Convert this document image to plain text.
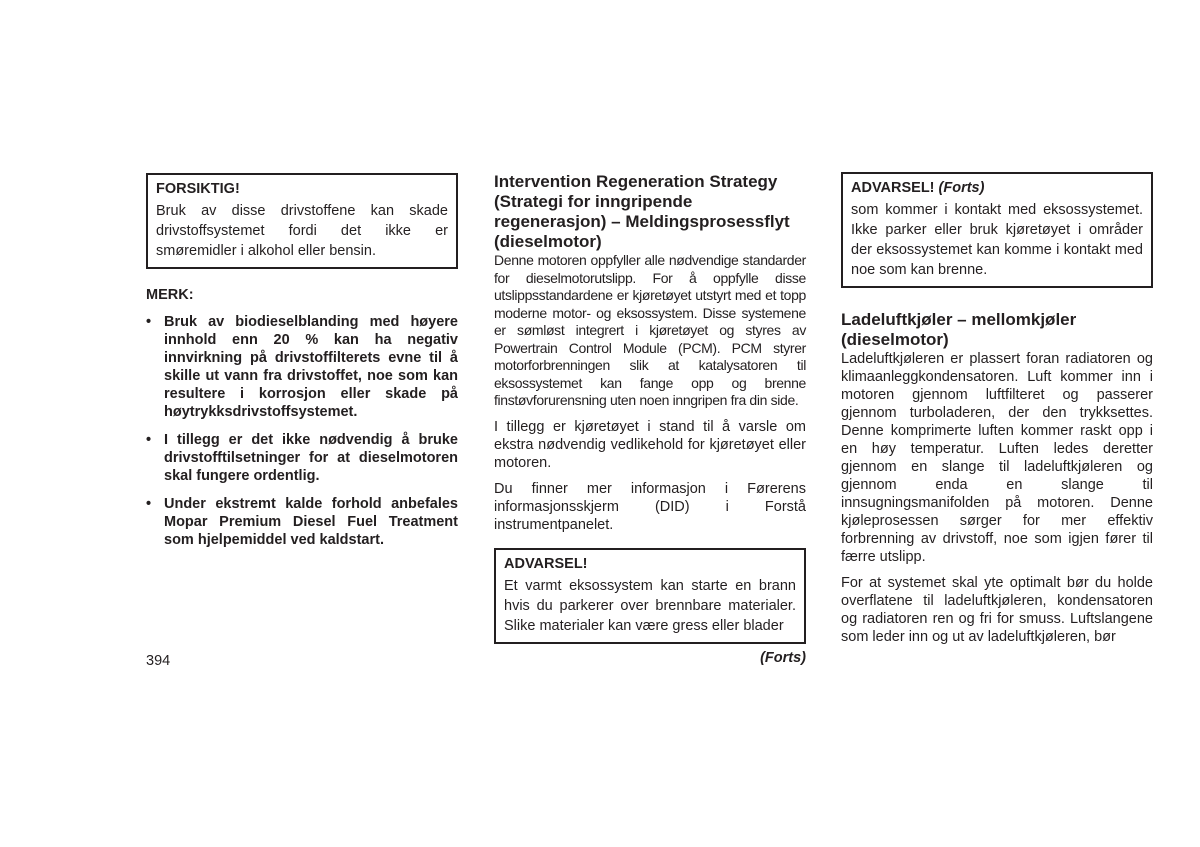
FORSIKTIG!

Bruk av disse drivstoffene kan skade drivstoffsystemet fordi det ikke er smøremidler i alkohol eller bensin.

MERK:

• Bruk av biodieselblanding med høyere innhold enn 20 % kan ha negativ innvirkning på drivstoffilterets evne til å skille ut vann fra drivstoffet, noe som kan resultere i korrosjon eller skade på høytrykksdrivstoffsystemet.
• I tillegg er det ikke nødvendig å bruke drivstofftilsetninger for at dieselmotoren skal fungere ordentlig.
• Under ekstremt kalde forhold anbefales Mopar Premium Diesel Fuel Treatment som hjelpemiddel ved kaldstart.
Intervention Regeneration Strategy (Strategi for inngripende regenerasjon) – Meldingsprosessflyt (dieselmotor)

Denne motoren oppfyller alle nødvendige standarder for dieselmotorutslipp. For å oppfylle disse utslippsstandardene er kjøretøyet utstyrt med et topp moderne motor- og eksossystem. Disse systemene er sømløst integrert i kjøretøyet og styres av Powertrain Control Module (PCM). PCM styrer motorforbrenningen slik at katalysatoren til eksossystemet kan fange opp og brenne finstøvforurensning uten noen inngripen fra din side.

I tillegg er kjøretøyet i stand til å varsle om ekstra nødvendig vedlikehold for kjøretøyet eller motoren.

Du finner mer informasjon i Førerens informasjonsskjerm (DID) i Forstå instrumentpanelet.

ADVARSEL!

Et varmt eksossystem kan starte en brann hvis du parkerer over brennbare materialer. Slike materialer kan være gress eller blader

(Forts)

ADVARSEL! (Forts)

som kommer i kontakt med eksossystemet. Ikke parker eller bruk kjøretøyet i områder der eksossystemet kan komme i kontakt med noe som kan brenne.

Ladeluftkjøler – mellomkjøler (dieselmotor)

Ladeluftkjøleren er plassert foran radiatoren og klimaanleggkondensatoren. Luft kommer inn i motoren gjennom luftfilteret og passerer gjennom turboladeren, der den trykksettes. Denne komprimerte luften kommer raskt opp i en høy temperatur. Luften ledes deretter gjennom en slange til ladeluftkjøleren og gjennom enda en slange til innsugningsmanifolden på motoren. Denne kjøleprosessen sørger for mer effektiv forbrenning av drivstoff, noe som igjen fører til færre utslipp.

For at systemet skal yte optimalt bør du holde overflatene til ladeluftkjøleren, kondensatoren og radiatoren ren og fri for smuss. Luftslangene som leder inn og ut av ladeluftkjøleren, bør

394
